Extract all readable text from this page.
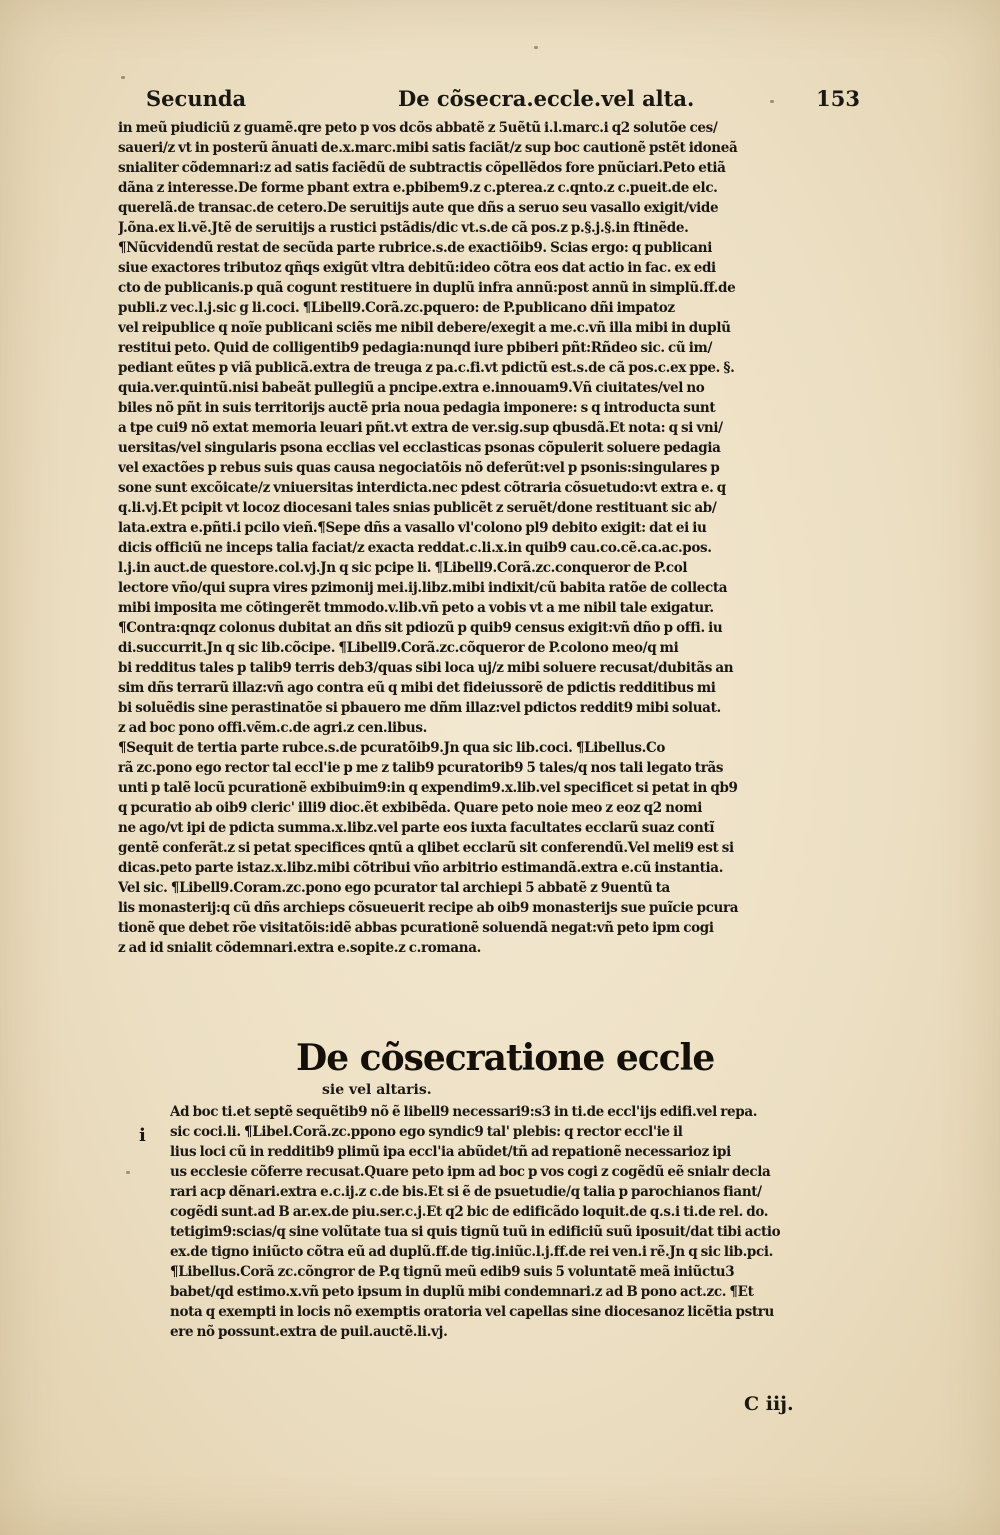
Secunda	De cõsecra.eccle.vel alta.	153
in meũ piudiciũ z guamẽ.qre peto p vos dcõs abbatẽ z 5uẽtũ i.l.marc.i q2 solutõe ces/
saueri/z vt in posterũ ãnuati de.x.marc.mibi satis faciãt/z sup boc cautionẽ pstẽt idoneã
snialiter cõdemnari:z ad satis faciẽdũ de subtractis cõpellẽdos fore pnũciari.Peto etiã
dãna z interesse.De forme pbant extra e.pbibem9.z c.pterea.z c.qnto.z c.pueit.de elc.
querelã.de transac.de cetero.De seruitijs aute que dñs a seruo seu vasallo exigit/vide
J.õna.ex li.vẽ.Jtẽ de seruitijs a rustici pstãdis/dic vt.s.de cã pos.z p.§.j.§.in ftinẽde.
¶Nũcvidendũ restat de secũda parte rubrice.s.de exactiõib9. Scias ergo: q publicani
siue exactores tributoz qñqs exigũt vltra debitũ:ideo cõtra eos dat actio in fac. ex edi
cto de publicanis.p quã cogunt restituere in duplũ infra annũ:post annũ in simplũ.ff.de
publi.z vec.l.j.sic g li.coci. ¶Libell9.Corã.zc.pquero: de P.publicano dñi impatoz
vel reipublice q noĩe publicani sciẽs me nibil debere/exegit a me.c.vñ illa mibi in duplũ
restitui peto. Quid de colligentib9 pedagia:nunqd iure pbiberi pñt:Rñdeo sic. cũ im/
pediant eũtes p viã publicã.extra de treuga z pa.c.fi.vt pdictũ est.s.de cã pos.c.ex ppe. §.
quia.ver.quintũ.nisi babeãt pullegiũ a pncipe.extra e.innouam9.Vñ ciuitates/vel no
biles nõ pñt in suis territorijs auctẽ pria noua pedagia imponere: s q introducta sunt
a tpe cui9 nõ extat memoria leuari pñt.vt extra de ver.sig.sup qbusdã.Et nota: q si vni/
uersitas/vel singularis psona ecclias vel ecclasticas psonas cõpulerit soluere pedagia
vel exactões p rebus suis quas causa negociatõis nõ deferũt:vel p psonis:singulares p
sone sunt excõicate/z vniuersitas interdicta.nec pdest cõtraria cõsuetudo:vt extra e. q
q.li.vj.Et pcipit vt locoz diocesani tales snias publicẽt z seruẽt/done restituant sic ab/
lata.extra e.pñti.i pcilo vieñ.¶Sepe dñs a vasallo vl'colono pl9 debito exigit: dat ei iu
dicis officiũ ne inceps talia faciat/z exacta reddat.c.li.x.in quib9 cau.co.cẽ.ca.ac.pos.
l.j.in auct.de questore.col.vj.Jn q sic pcipe li. ¶Libell9.Corã.zc.conqueror de P.col
lectore vño/qui supra vires pzimonij mei.ij.libz.mibi indixit/cũ babita ratõe de collecta
mibi imposita me cõtingerẽt tmmodo.v.lib.vñ peto a vobis vt a me nibil tale exigatur.
¶Contra:qnqz colonus dubitat an dñs sit pdiozũ p quib9 census exigit:vñ dño p offi. iu
di.succurrit.Jn q sic lib.cõcipe. ¶Libell9.Corã.zc.cõqueror de P.colono meo/q mi
bi redditus tales p talib9 terris deb3/quas sibi loca uj/z mibi soluere recusat/dubitãs an
sim dñs terrarũ illaz:vñ ago contra eũ q mibi det fideiussorẽ de pdictis redditibus mi
bi soluẽdis sine perastinatõe si pbauero me dñm illaz:vel pdictos reddit9 mibi soluat.
z ad boc pono offi.vẽm.c.de agri.z cen.libus.
¶Sequit de tertia parte rubce.s.de pcuratõib9.Jn qua sic lib.coci. ¶Libellus.Co
rã zc.pono ego rector tal eccl'ie p me z talib9 pcuratorib9 5 tales/q nos tali legato trãs
unti p talẽ locũ pcurationẽ exbibuim9:in q expendim9.x.lib.vel specificet si petat in qb9
q pcuratio ab oib9 cleric' illi9 dioc.ẽt exbibẽda. Quare peto noie meo z eoz q2 nomi
ne ago/vt ipi de pdicta summa.x.libz.vel parte eos iuxta facultates ecclarũ suaz contĩ
gentẽ conferãt.z si petat specifices qntũ a qlibet ecclarũ sit conferendũ.Vel meli9 est si
dicas.peto parte istaz.x.libz.mibi cõtribui vño arbitrio estimandã.extra e.cũ instantia.
Vel sic. ¶Libell9.Coram.zc.pono ego pcurator tal archiepi 5 abbatẽ z 9uentũ ta
lis monasterij:q cũ dñs archieps cõsueuerit recipe ab oib9 monasterijs sue puĩcie pcura
tionẽ que debet rõe visitatõis:idẽ abbas pcurationẽ soluendã negat:vñ peto ipm cogi
z ad id snialit cõdemnari.extra e.sopite.z c.romana.
De cõsecratione eccle
sie vel altaris.
i
Ad boc ti.et septẽ sequẽtib9 nõ ẽ libell9 necessari9:s3 in ti.de eccl'ijs edifi.vel repa.
sic coci.li. ¶Libel.Corã.zc.ppono ego syndic9 tal' plebis: q rector eccl'ie il
lius loci cũ in redditib9 plimũ ipa eccl'ia abũdet/tñ ad repationẽ necessarioz ipi
us ecclesie cõferre recusat.Quare peto ipm ad boc p vos cogi z cogẽdũ eẽ snialr decla
rari acp dẽnari.extra e.c.ij.z c.de bis.Et si ẽ de psuetudie/q talia p parochianos fiant/
cogẽdi sunt.ad B ar.ex.de piu.ser.c.j.Et q2 bic de edificãdo loquit.de q.s.i ti.de rel. do.
tetigim9:scias/q sine volũtate tua si quis tignũ tuũ in edificiũ suũ iposuit/dat tibi actio
ex.de tigno iniũcto cõtra eũ ad duplũ.ff.de tig.iniũc.l.j.ff.de rei ven.i rẽ.Jn q sic lib.pci.
¶Libellus.Corã zc.cõngror de P.q tignũ meũ edib9 suis 5 voluntatẽ meã iniũctu3
babet/qd estimo.x.vñ peto ipsum in duplũ mibi condemnari.z ad B pono act.zc. ¶Et
nota q exempti in locis nõ exemptis oratoria vel capellas sine diocesanoz licẽtia pstru
ere nõ possunt.extra de puil.auctẽ.li.vj.
C iij.
